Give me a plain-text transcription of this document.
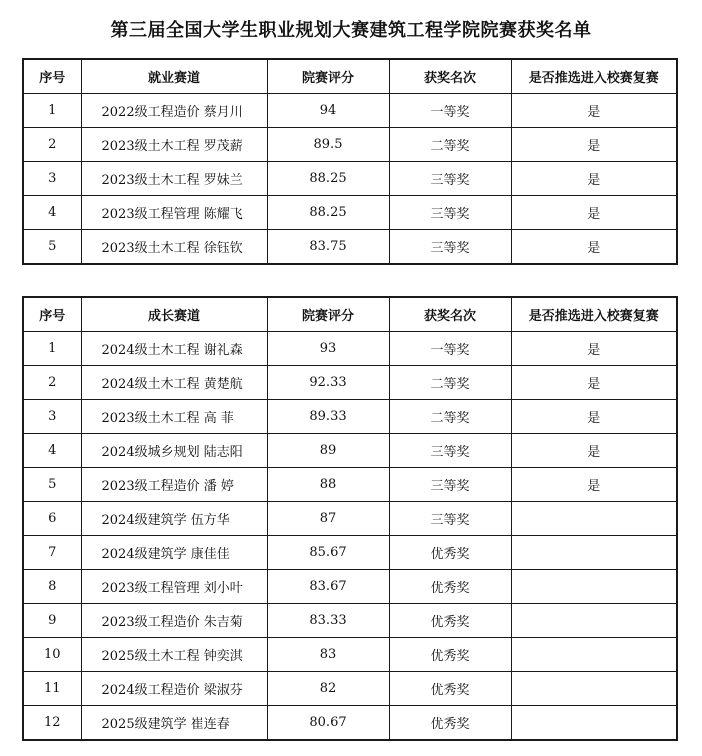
第三届全国大学生职业规划大赛建筑工程学院院赛获奖名单
序号	就业赛道	院赛评分	获奖名次	是否推选进入校赛复赛
1	2022级工程造价 蔡月川	94	一等奖	是
2	2023级土木工程 罗茂薪	89.5	二等奖	是
3	2023级土木工程 罗妹兰	88.25	三等奖	是
4	2023级工程管理 陈耀飞	88.25	三等奖	是
5	2023级土木工程 徐钰钦	83.75	三等奖	是
序号	成长赛道	院赛评分	获奖名次	是否推选进入校赛复赛
1	2024级土木工程 谢礼森	93	一等奖	是
2	2024级土木工程 黄楚航	92.33	二等奖	是
3	2023级土木工程 高 菲	89.33	二等奖	是
4	2024级城乡规划 陆志阳	89	三等奖	是
5	2023级工程造价 潘 婷	88	三等奖	是
6	2024级建筑学 伍方华	87	三等奖	
7	2024级建筑学 康佳佳	85.67	优秀奖	
8	2023级工程管理 刘小叶	83.67	优秀奖	
9	2023级工程造价 朱吉菊	83.33	优秀奖	
10	2025级土木工程 钟奕淇	83	优秀奖	
11	2024级工程造价 梁淑芬	82	优秀奖	
12	2025级建筑学 崔连春	80.67	优秀奖	
